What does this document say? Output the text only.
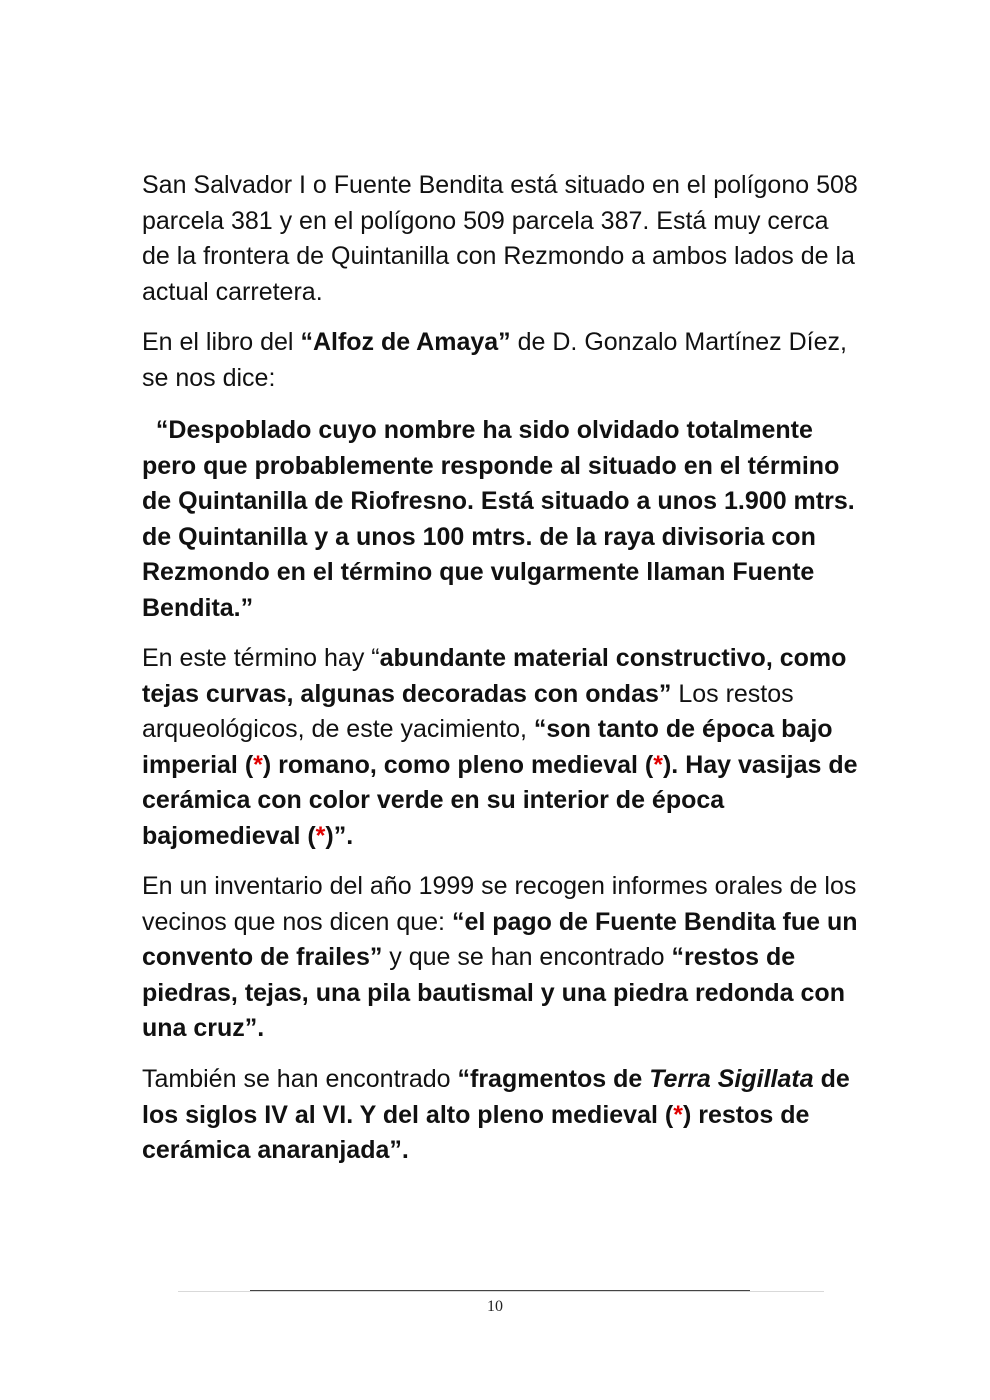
San Salvador I o Fuente Bendita está situado en el polígono 508 parcela 381 y en el polígono 509 parcela 387. Está muy cerca de la frontera de Quintanilla con Rezmondo a ambos lados de la actual carretera.

En el libro del “Alfoz de Amaya” de D. Gonzalo Martínez Díez, se nos dice:

“Despoblado cuyo nombre ha sido olvidado totalmente pero que probablemente responde al situado en el término de Quintanilla de Riofresno. Está situado a unos 1.900 mtrs. de Quintanilla y a unos 100 mtrs. de la raya divisoria con Rezmondo en el término que vulgarmente llaman Fuente Bendita.”

En este término hay “abundante material constructivo, como tejas curvas, algunas decoradas con ondas” Los restos arqueológicos, de este yacimiento, “son tanto de época bajo imperial (*) romano, como pleno medieval (*). Hay vasijas de cerámica con color verde en su interior de época bajomedieval (*)”.

En un inventario del año 1999 se recogen informes orales de los vecinos que nos dicen que: “el pago de Fuente Bendita fue un convento de frailes” y que se han encontrado “restos de piedras, tejas, una pila bautismal y una piedra redonda con una cruz”.

También se han encontrado “fragmentos de Terra Sigillata de los siglos IV al VI. Y del alto pleno medieval (*) restos de cerámica anaranjada”.

10
